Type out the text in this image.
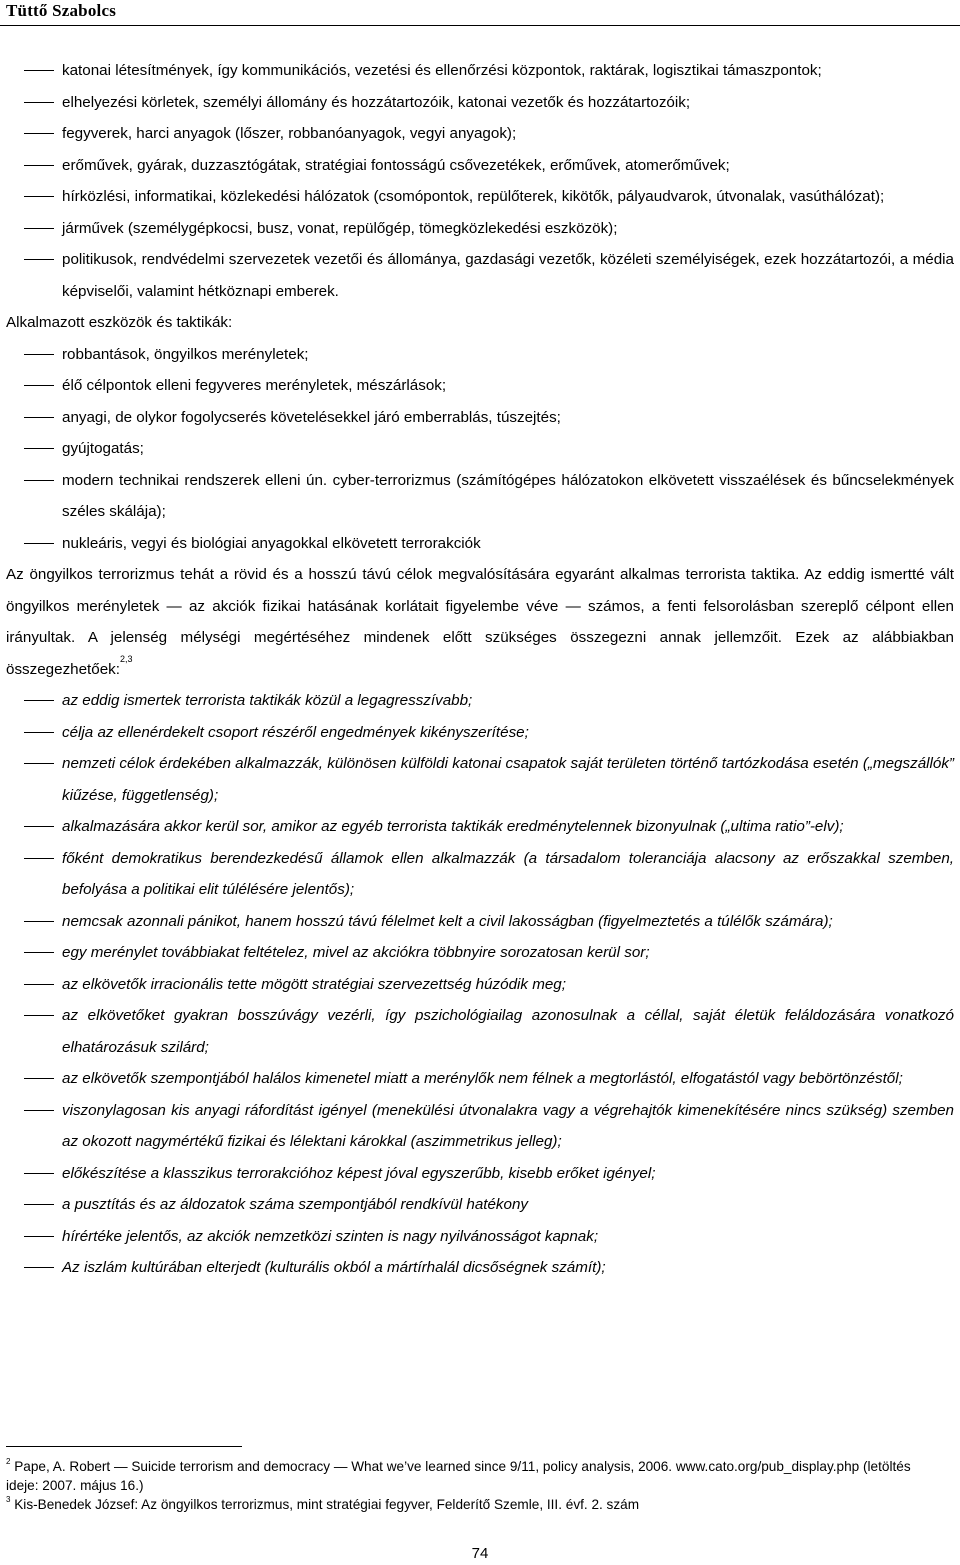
Tüttő Szabolcs
katonai létesítmények, így kommunikációs, vezetési és ellenőrzési központok, raktárak, logisztikai támaszpontok;
elhelyezési körletek, személyi állomány és hozzátartozóik, katonai vezetők és hozzátartozóik;
fegyverek, harci anyagok (lőszer, robbanóanyagok, vegyi anyagok);
erőművek, gyárak, duzzasztógátak, stratégiai fontosságú csővezetékek, erőművek, atomerőművek;
hírközlési, informatikai, közlekedési hálózatok (csomópontok, repülőterek, kikötők, pályaudvarok, útvonalak, vasúthálózat);
járművek (személygépkocsi, busz, vonat, repülőgép, tömegközlekedési eszközök);
politikusok, rendvédelmi szervezetek vezetői és állománya, gazdasági vezetők, közéleti személyiségek, ezek hozzátartozói, a média képviselői, valamint hétköznapi emberek.
Alkalmazott eszközök és taktikák:
robbantások, öngyilkos merényletek;
élő célpontok elleni fegyveres merényletek, mészárlások;
anyagi, de olykor fogolycserés követelésekkel járó emberrablás, túszejtés;
gyújtogatás;
modern technikai rendszerek elleni ún. cyber-terrorizmus (számítógépes hálózatokon elkövetett visszaélések és bűncselekmények széles skálája);
nukleáris, vegyi és biológiai anyagokkal elkövetett terrorakciók
Az öngyilkos terrorizmus tehát a rövid és a hosszú távú célok megvalósítására egyaránt alkalmas terrorista taktika. Az eddig ismertté vált öngyilkos merényletek — az akciók fizikai hatásának korlátait figyelembe véve — számos, a fenti felsorolásban szereplő célpont ellen irányultak. A jelenség mélységi megértéséhez mindenek előtt szükséges összegezni annak jellemzőit. Ezek az alábbiakban összegezhetőek:$^{2,3}$
az eddig ismertek terrorista taktikák közül a legagresszívabb;
célja az ellenérdekelt csoport részéről engedmények kikényszerítése;
nemzeti célok érdekében alkalmazzák, különösen külföldi katonai csapatok saját területen történő tartózkodása esetén („megszállók” kiűzése, függetlenség);
alkalmazására akkor kerül sor, amikor az egyéb terrorista taktikák eredménytelennek bizonyulnak („ultima ratio”-elv);
főként demokratikus berendezkedésű államok ellen alkalmazzák (a társadalom toleranciája alacsony az erőszakkal szemben, befolyása a politikai elit túlélésére jelentős);
nemcsak azonnali pánikot, hanem hosszú távú félelmet kelt a civil lakosságban (figyelmeztetés a túlélők számára);
egy merénylet továbbiakat feltételez, mivel az akciókra többnyire sorozatosan kerül sor;
az elkövetők irracionális tette mögött stratégiai szervezettség húzódik meg;
az elkövetőket gyakran bosszúvágy vezérli, így pszichológiailag azonosulnak a céllal, saját életük feláldozására vonatkozó elhatározásuk szilárd;
az elkövetők szempontjából halálos kimenetel miatt a merénylők nem félnek a megtorlástól, elfogatástól vagy bebörtönzéstől;
viszonylagosan kis anyagi ráfordítást igényel (menekülési útvonalakra vagy a végrehajtók kimenekítésére nincs szükség) szemben az okozott nagymértékű fizikai és lélektani károkkal (aszimmetrikus jelleg);
előkészítése a klasszikus terrorakcióhoz képest jóval egyszerűbb, kisebb erőket igényel;
a pusztítás és az áldozatok száma szempontjából rendkívül hatékony
hírértéke jelentős, az akciók nemzetközi szinten is nagy nyilvánosságot kapnak;
Az iszlám kultúrában elterjedt (kulturális okból a mártírhalál dicsőségnek számít);
$^2$ Pape, A. Robert — Suicide terrorism and democracy — What we’ve learned since 9/11, policy analysis, 2006. www.cato.org/pub_display.php (letöltés ideje: 2007. május 16.)
$^3$ Kis-Benedek József: Az öngyilkos terrorizmus, mint stratégiai fegyver, Felderítő Szemle, III. évf. 2. szám
74
